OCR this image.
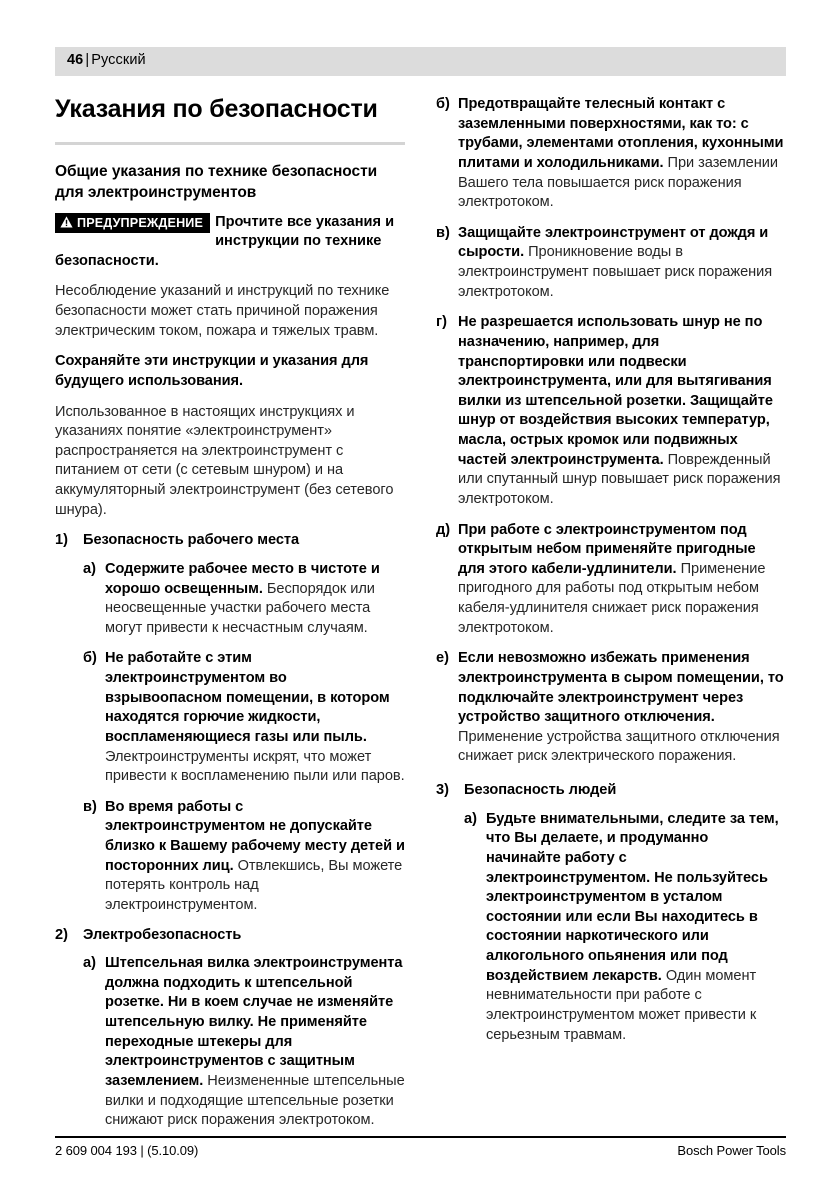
46 | Русский
Указания по безопасности
Общие указания по технике безопасности для электроинструментов
ПРЕДУПРЕЖДЕНИЕ Прочтите все указания и инструкции по технике безопасности.

Несоблюдение указаний и инструкций по технике безопасности может стать причиной поражения электрическим током, пожара и тяжелых травм.

Сохраняйте эти инструкции и указания для будущего использования.

Использованное в настоящих инструкциях и указаниях понятие «электроинструмент» распространяется на электроинструмент с питанием от сети (с сетевым шнуром) и на аккумуляторный электроинструмент (без сетевого шнура).

1) Безопасность рабочего места
а) Содержите рабочее место в чистоте и хорошо освещенным. Беспорядок или неосвещенные участки рабочего места могут привести к несчастным случаям.
б) Не работайте с этим электроинструментом во взрывоопасном помещении, в котором находятся горючие жидкости, воспламеняющиеся газы или пыль. Электроинструменты искрят, что может привести к воспламенению пыли или паров.
в) Во время работы с электроинструментом не допускайте близко к Вашему рабочему месту детей и посторонних лиц. Отвлекшись, Вы можете потерять контроль над электроинструментом.
2) Электробезопасность
а) Штепсельная вилка электроинструмента должна подходить к штепсельной розетке. Ни в коем случае не изменяйте штепсельную вилку. Не применяйте переходные штекеры для электроинструментов с защитным заземлением. Неизмененные штепсельные вилки и подходящие штепсельные розетки снижают риск поражения электротоком.
б) Предотвращайте телесный контакт с заземленными поверхностями, как то: с трубами, элементами отопления, кухонными плитами и холодильниками. При заземлении Вашего тела повышается риск поражения электротоком.
в) Защищайте электроинструмент от дождя и сырости. Проникновение воды в электроинструмент повышает риск поражения электротоком.
г) Не разрешается использовать шнур не по назначению, например, для транспортировки или подвески электроинструмента, или для вытягивания вилки из штепсельной розетки. Защищайте шнур от воздействия высоких температур, масла, острых кромок или подвижных частей электроинструмента. Поврежденный или спутанный шнур повышает риск поражения электротоком.
д) При работе с электроинструментом под открытым небом применяйте пригодные для этого кабели-удлинители. Применение пригодного для работы под открытым небом кабеля-удлинителя снижает риск поражения электротоком.
е) Если невозможно избежать применения электроинструмента в сыром помещении, то подключайте электроинструмент через устройство защитного отключения. Применение устройства защитного отключения снижает риск электрического поражения.
3) Безопасность людей
а) Будьте внимательными, следите за тем, что Вы делаете, и продуманно начинайте работу с электроинструментом. Не пользуйтесь электроинструментом в усталом состоянии или если Вы находитесь в состоянии наркотического или алкогольного опьянения или под воздействием лекарств. Один момент невнимательности при работе с электроинструментом может привести к серьезным травмам.
2 609 004 193 | (5.10.09)	Bosch Power Tools
